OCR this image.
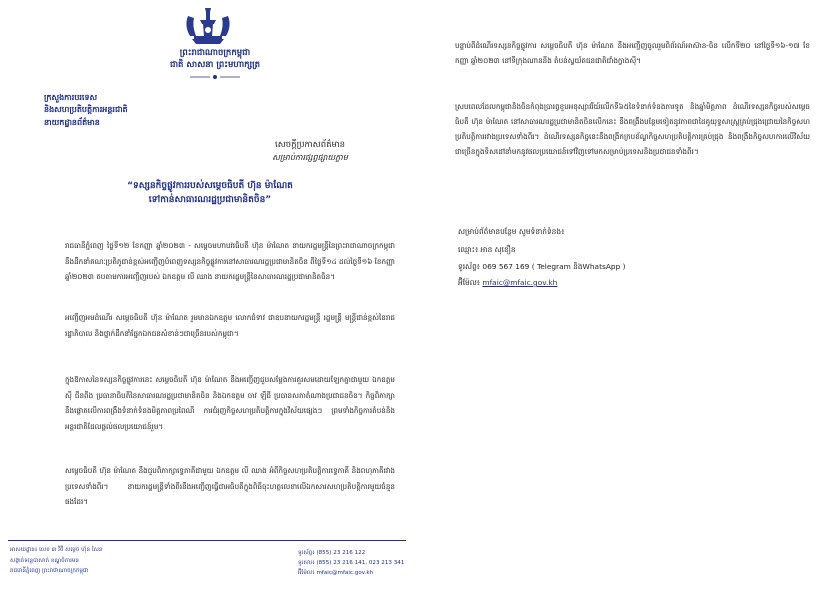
ព្រះរាជាណាចក្រកម្ពុជា
ជាតិ សាសនា ព្រះមហាក្សត្រ
ក្រសួងការបរទេស
និងសហប្រតិបត្តិការអន្តរជាតិ
នាយកដ្ឋានព័ត៌មាន
សេចក្តីប្រកាសព័ត៌មាន
សម្រាប់ការផ្សព្វផ្សាយភ្លាម
“ទស្សនកិច្ចផ្លូវការរបស់សម្តេចធិបតី ហ៊ុន ម៉ាណែត
ទៅកាន់សាធារណរដ្ឋប្រជាមានិតចិន”

រាជធានីភ្នំពេញ ថ្ងៃទី១២ ខែកញ្ញា ឆ្នាំ២០២៣ - សម្តេចមហាបវរធិបតី ហ៊ុន ម៉ាណែត នាយករដ្ឋមន្ត្រីនៃព្រះរាជាណាចក្រកម្ពុជា នឹងដឹកនាំគណៈប្រតិភូជាន់ខ្ពស់អញ្ជើញបំពេញទស្សនកិច្ចផ្លូវការនៅសាធារណរដ្ឋប្រជាមានិតចិន ពីថ្ងៃទី១៤ ដល់ថ្ងៃទី១៦ ខែកញ្ញា ឆ្នាំ២០២៣ តបតាមការអញ្ជើញរបស់ ឯកឧត្តម លី ឈាង នាយករដ្ឋមន្ត្រីនៃសាធារណរដ្ឋប្រជាមានិតចិន។

អញ្ជើញអមដំណើរ សម្តេចធិបតី ហ៊ុន ម៉ាណែត រួមមានឯកឧត្តម លោកជំទាវ ជាឧបនាយករដ្ឋមន្ត្រី រដ្ឋមន្ត្រី មន្ត្រីជាន់ខ្ពស់នៃរាជរដ្ឋាភិបាល និងថ្នាក់ដឹកនាំផ្នែកឯកជនសំខាន់ៗជាច្រើនរបស់កម្ពុជា។

ក្នុងឱកាសនៃទស្សនកិច្ចផ្លូវការនេះ សម្តេចធិបតី ហ៊ុន ម៉ាណែត នឹងអញ្ជើញជួបសម្តែងការគួរសមដោយឡែកគ្នាជាមួយ ឯកឧត្តម ស៊ី ជីនពីង ប្រធានាធិបតីនៃសាធារណរដ្ឋប្រជាមានិតចិន និងឯកឧត្តម ចាវ ឡឺជី ប្រធានសភាតំណាងប្រជាជនចិន។ កិច្ចពិភាក្សានឹងផ្ដោតលើការពង្រឹងទំនាក់ទំនងមិត្តភាពប្រពៃណី ការជំរុញកិច្ចសហប្រតិបត្តិការក្នុងវិស័យផ្សេងៗ ព្រមទាំងកិច្ចការតំបន់និងអន្តរជាតិដែលផ្តល់ផលប្រយោជន៍រួម។

សម្តេចធិបតី ហ៊ុន ម៉ាណែត នឹងជួបពិភាក្សាទ្វេភាគីជាមួយ ឯកឧត្តម លី ឈាង អំពីកិច្ចសហប្រតិបត្តិការទ្វេភាគី និងពហុភាគីរវាងប្រទេសទាំងពីរ។ នាយករដ្ឋមន្ត្រីទាំងពីរនឹងអញ្ជើញធ្វើជាអធិបតីក្នុងពិធីចុះហត្ថលេខាលើឯកសារសហប្រតិបត្តិការមួយចំនួនផងដែរ។

អាសយដ្ឋាន៖ លេខ ៣ វិថី សម្តេច ហ៊ុន សែន
សង្កាត់ទន្លេបាសាក់ ខណ្ឌចំការមន
រាជធានីភ្នំពេញ ព្រះរាជាណាចក្រកម្ពុជា
ទូរស័ព្ទ៖ (855) 23 216 122
ទូរសារ៖ (855) 23 216 141, 023 213 341
អ៊ីម៉ែល៖ mfaic@mfaic.gov.kh

បន្ទាប់ពីដំណើរទស្សនកិច្ចផ្លូវការ សម្តេចធិបតី ហ៊ុន ម៉ាណែត នឹងអញ្ជើញចូលរួមពិព័រណ៍អាស៊ាន-ចិន លើកទី២០ នៅថ្ងៃទី១៦-១៧ ខែកញ្ញា ឆ្នាំ២០២៣ នៅទីក្រុងណាននីង តំបន់ស្វយ័តជនជាតិជាំងក្វាងស៊ី។

ស្របពេលដែលកម្ពុជានិងចិនកំពុងប្រារព្ធខួបអនុស្សាវរីយ៍លើកទី៦៥នៃទំនាក់ទំនងការទូត និងឆ្នាំមិត្តភាព ដំណើរទស្សនកិច្ចរបស់សម្តេចធិបតី ហ៊ុន ម៉ាណែត នៅសាធារណរដ្ឋប្រជាមានិតចិនលើកនេះ នឹងពង្រឹងបន្ថែមទៀតនូវភាពជាដៃគូយុទ្ធសាស្ត្រគ្រប់ជ្រុងជ្រោយនៃកិច្ចសហប្រតិបត្តិការរវាងប្រទេសទាំងពីរ។ ដំណើរទស្សនកិច្ចនេះនឹងពង្រីកក្របខ័ណ្ឌកិច្ចសហប្រតិបត្តិការគ្រប់ជ្រុង និងពង្រឹងកិច្ចសហការលើវិស័យជាច្រើនក្នុងទិសដៅនាំមកនូវផលប្រយោជន៍ទៅវិញទៅមកសម្រាប់ប្រទេសនិងប្រជាជនទាំងពីរ។

សម្រាប់ព័ត៌មានបន្ថែម សូមទំនាក់ទំនង៖
ឈ្មោះ៖ អាន សុខឿន
ទូរស័ព្ទ៖ 069 567 169 ( Telegram និងWhatsApp )
អ៊ីម៉ែល៖ mfaic@mfaic.gov.kh
